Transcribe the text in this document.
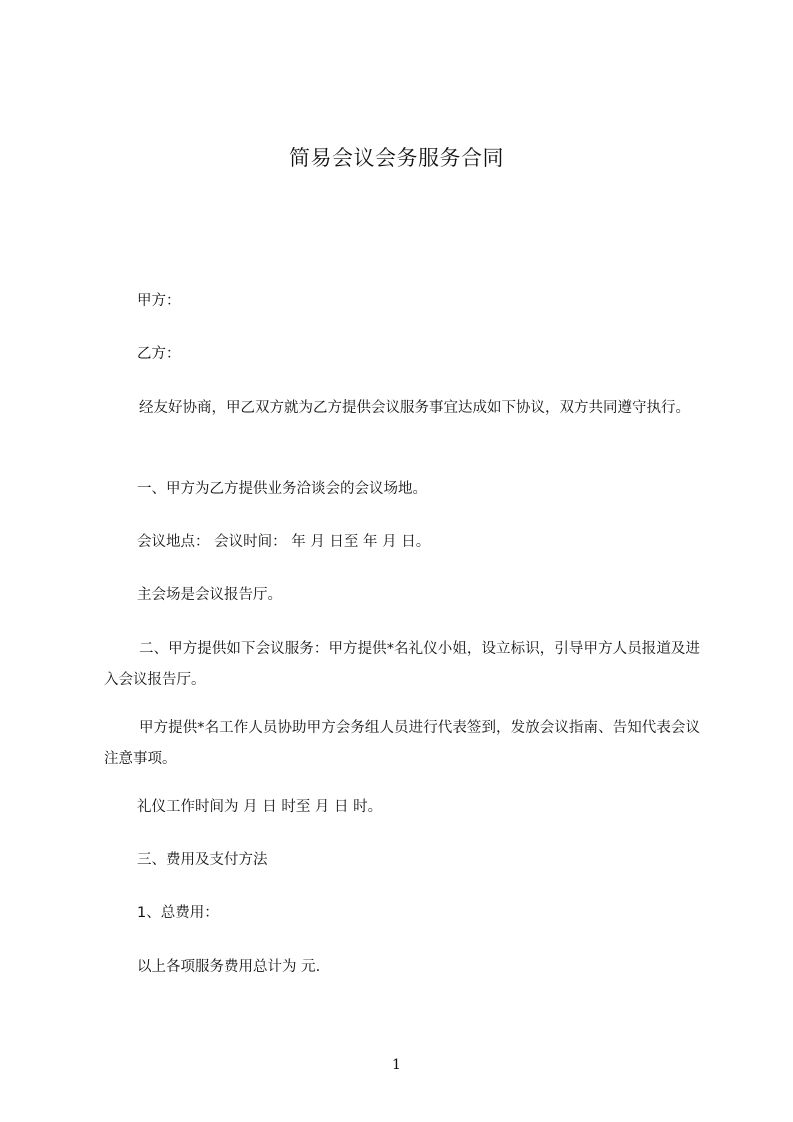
简易会议会务服务合同
甲方：
乙方：
经友好协商，甲乙双方就为乙方提供会议服务事宜达成如下协议，双方共同遵守执行。
一、甲方为乙方提供业务洽谈会的会议场地。
会议地点： 会议时间： 年 月 日至 年 月 日。
主会场是会议报告厅。
二、甲方提供如下会议服务：甲方提供*名礼仪小姐，设立标识，引导甲方人员报道及进入会议报告厅。
甲方提供*名工作人员协助甲方会务组人员进行代表签到，发放会议指南、告知代表会议注意事项。
礼仪工作时间为 月 日 时至 月 日 时。
三、费用及支付方法
1、总费用：
以上各项服务费用总计为 元.
1
